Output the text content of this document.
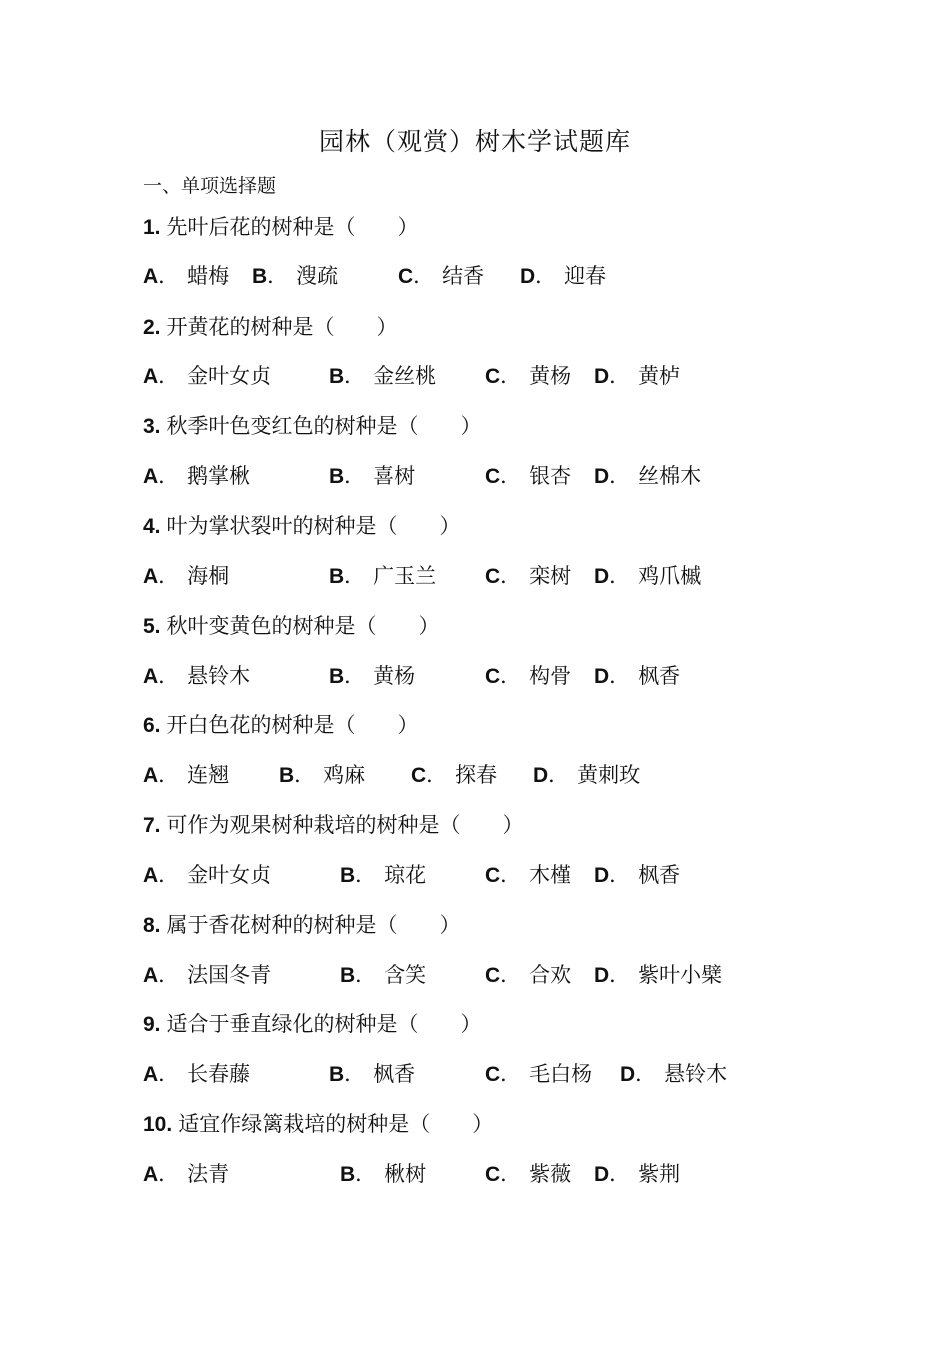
园林（观赏）树木学试题库
一、单项选择题
1. 先叶后花的树种是（　　）
A． 蜡梅 B． 溲疏	C． 结香 D． 迎春
2. 开黄花的树种是（　　）
A． 金叶女贞	B． 金丝桃 C． 黄杨 D． 黄栌
3. 秋季叶色变红色的树种是（　　）
A． 鹅掌楸	B． 喜树	C． 银杏 D． 丝棉木
4. 叶为掌状裂叶的树种是（　　）
A． 海桐	B． 广玉兰 C． 栾树 D． 鸡爪槭
5. 秋叶变黄色的树种是（　　）
A． 悬铃木	B． 黄杨	C． 构骨 D． 枫香
6. 开白色花的树种是（　　）
A． 连翘 B． 鸡麻 C． 探春 D． 黄刺玫
7. 可作为观果树种栽培的树种是（　　）
A． 金叶女贞	B． 琼花	C． 木槿 D． 枫香
8. 属于香花树种的树种是（　　）
A． 法国冬青	B． 含笑	C． 合欢 D． 紫叶小檗
9. 适合于垂直绿化的树种是（　　）
A． 长春藤	B． 枫香	C． 毛白杨 D． 悬铃木
10. 适宜作绿篱栽培的树种是（　　）
A． 法青	B． 楸树	C． 紫薇 D． 紫荆
